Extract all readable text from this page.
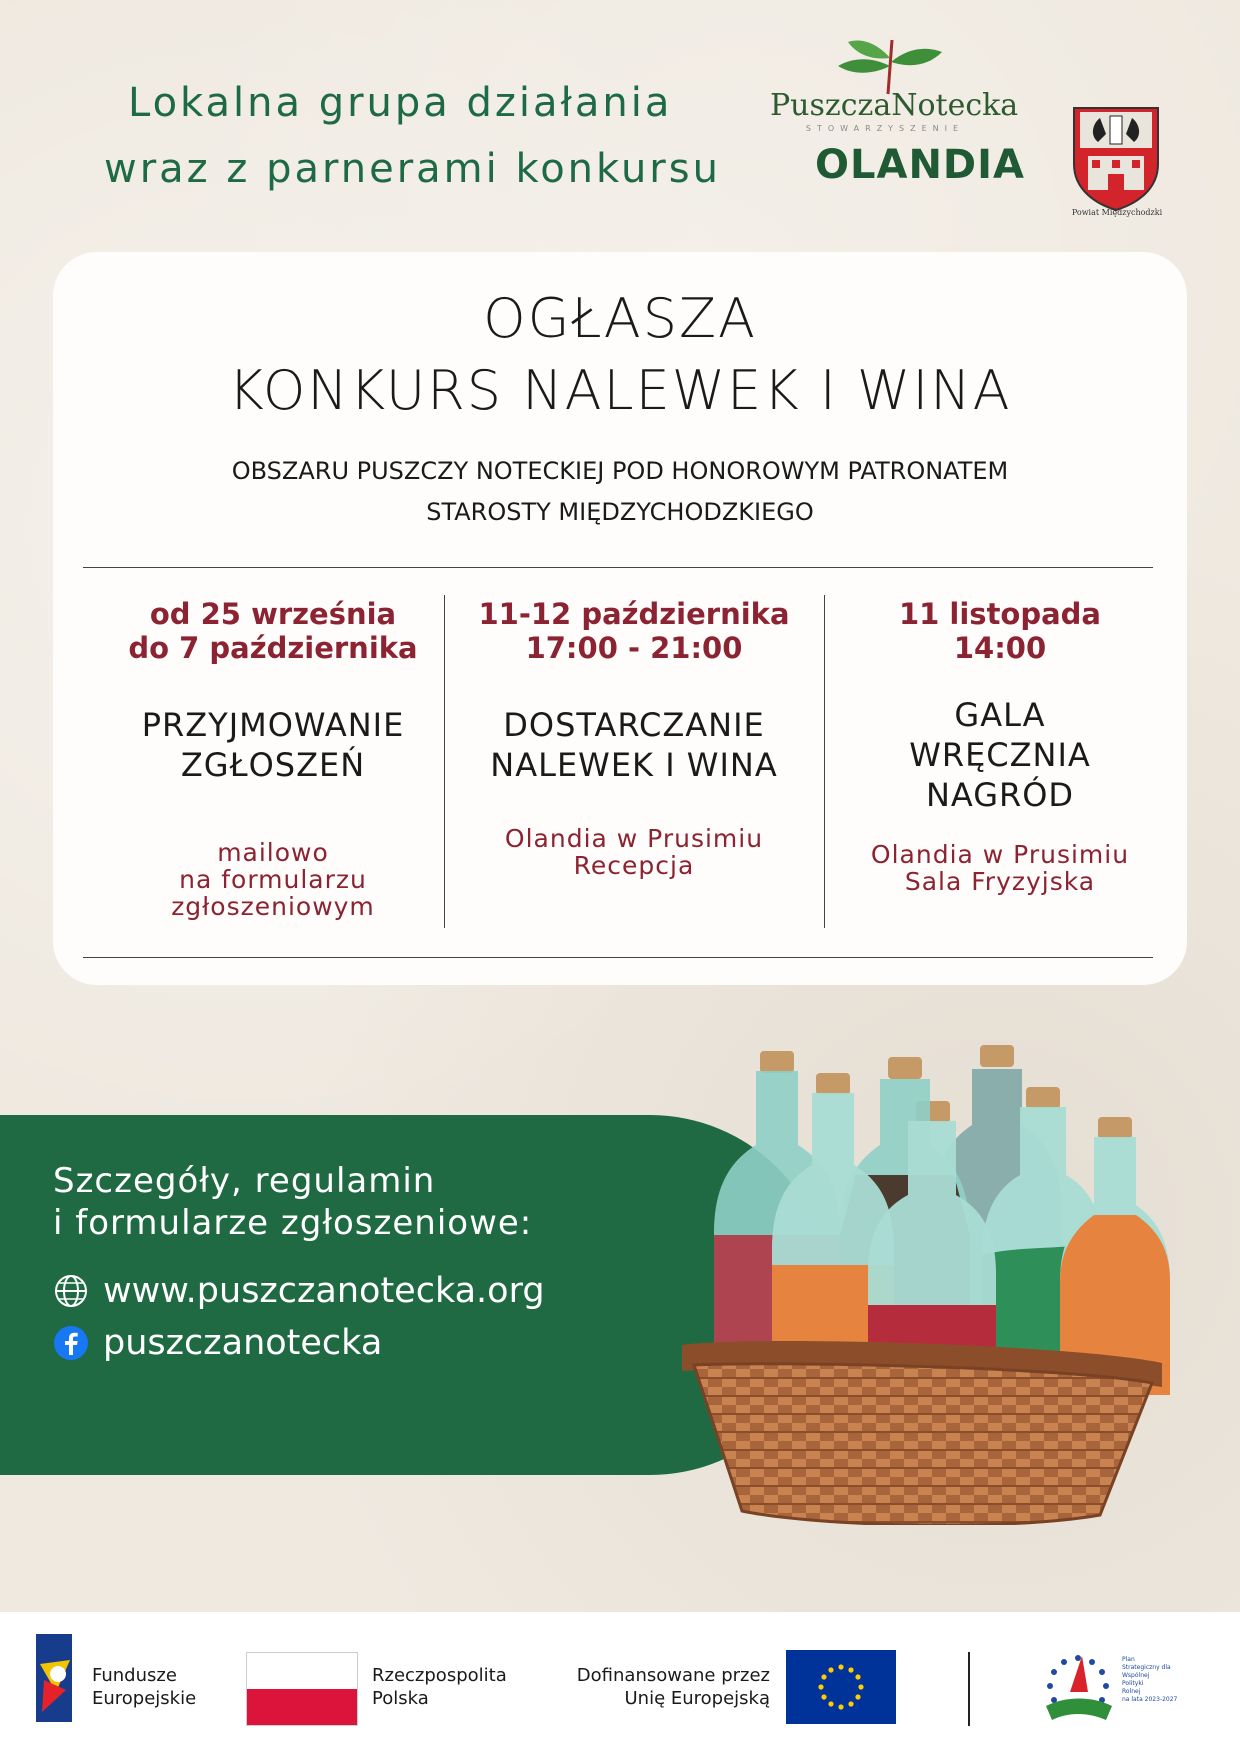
Lokalna grupa działania
wraz z parnerami konkursu
PuszczaNotecka
STOWARZYSZENIE
OLANDIA
Powiat Międzychodzki
OGŁASZA
KONKURS NALEWEK I WINA
OBSZARU PUSZCZY NOTECKIEJ POD HONOROWYM PATRONATEM
STAROSTY MIĘDZYCHODZKIEGO
od 25 września
do 7 października
PRZYJMOWANIE
ZGŁOSZEŃ
mailowo
na formularzu
zgłoszeniowym
11-12 października
17:00 - 21:00
DOSTARCZANIE
NALEWEK I WINA
Olandia w Prusimiu
Recepcja
11 listopada
14:00
GALA
WRĘCZNIA
NAGRÓD
Olandia w Prusimiu
Sala Fryzyjska
Szczegóły, regulamin
i formularze zgłoszeniowe:
www.puszczanotecka.org
puszczanotecka
Fundusze
Europejskie
Rzeczpospolita
Polska
Dofinansowane przez
Unię Europejską
Plan
Strategiczny dla
Wspólnej
Polityki
Rolnej
na lata 2023-2027
